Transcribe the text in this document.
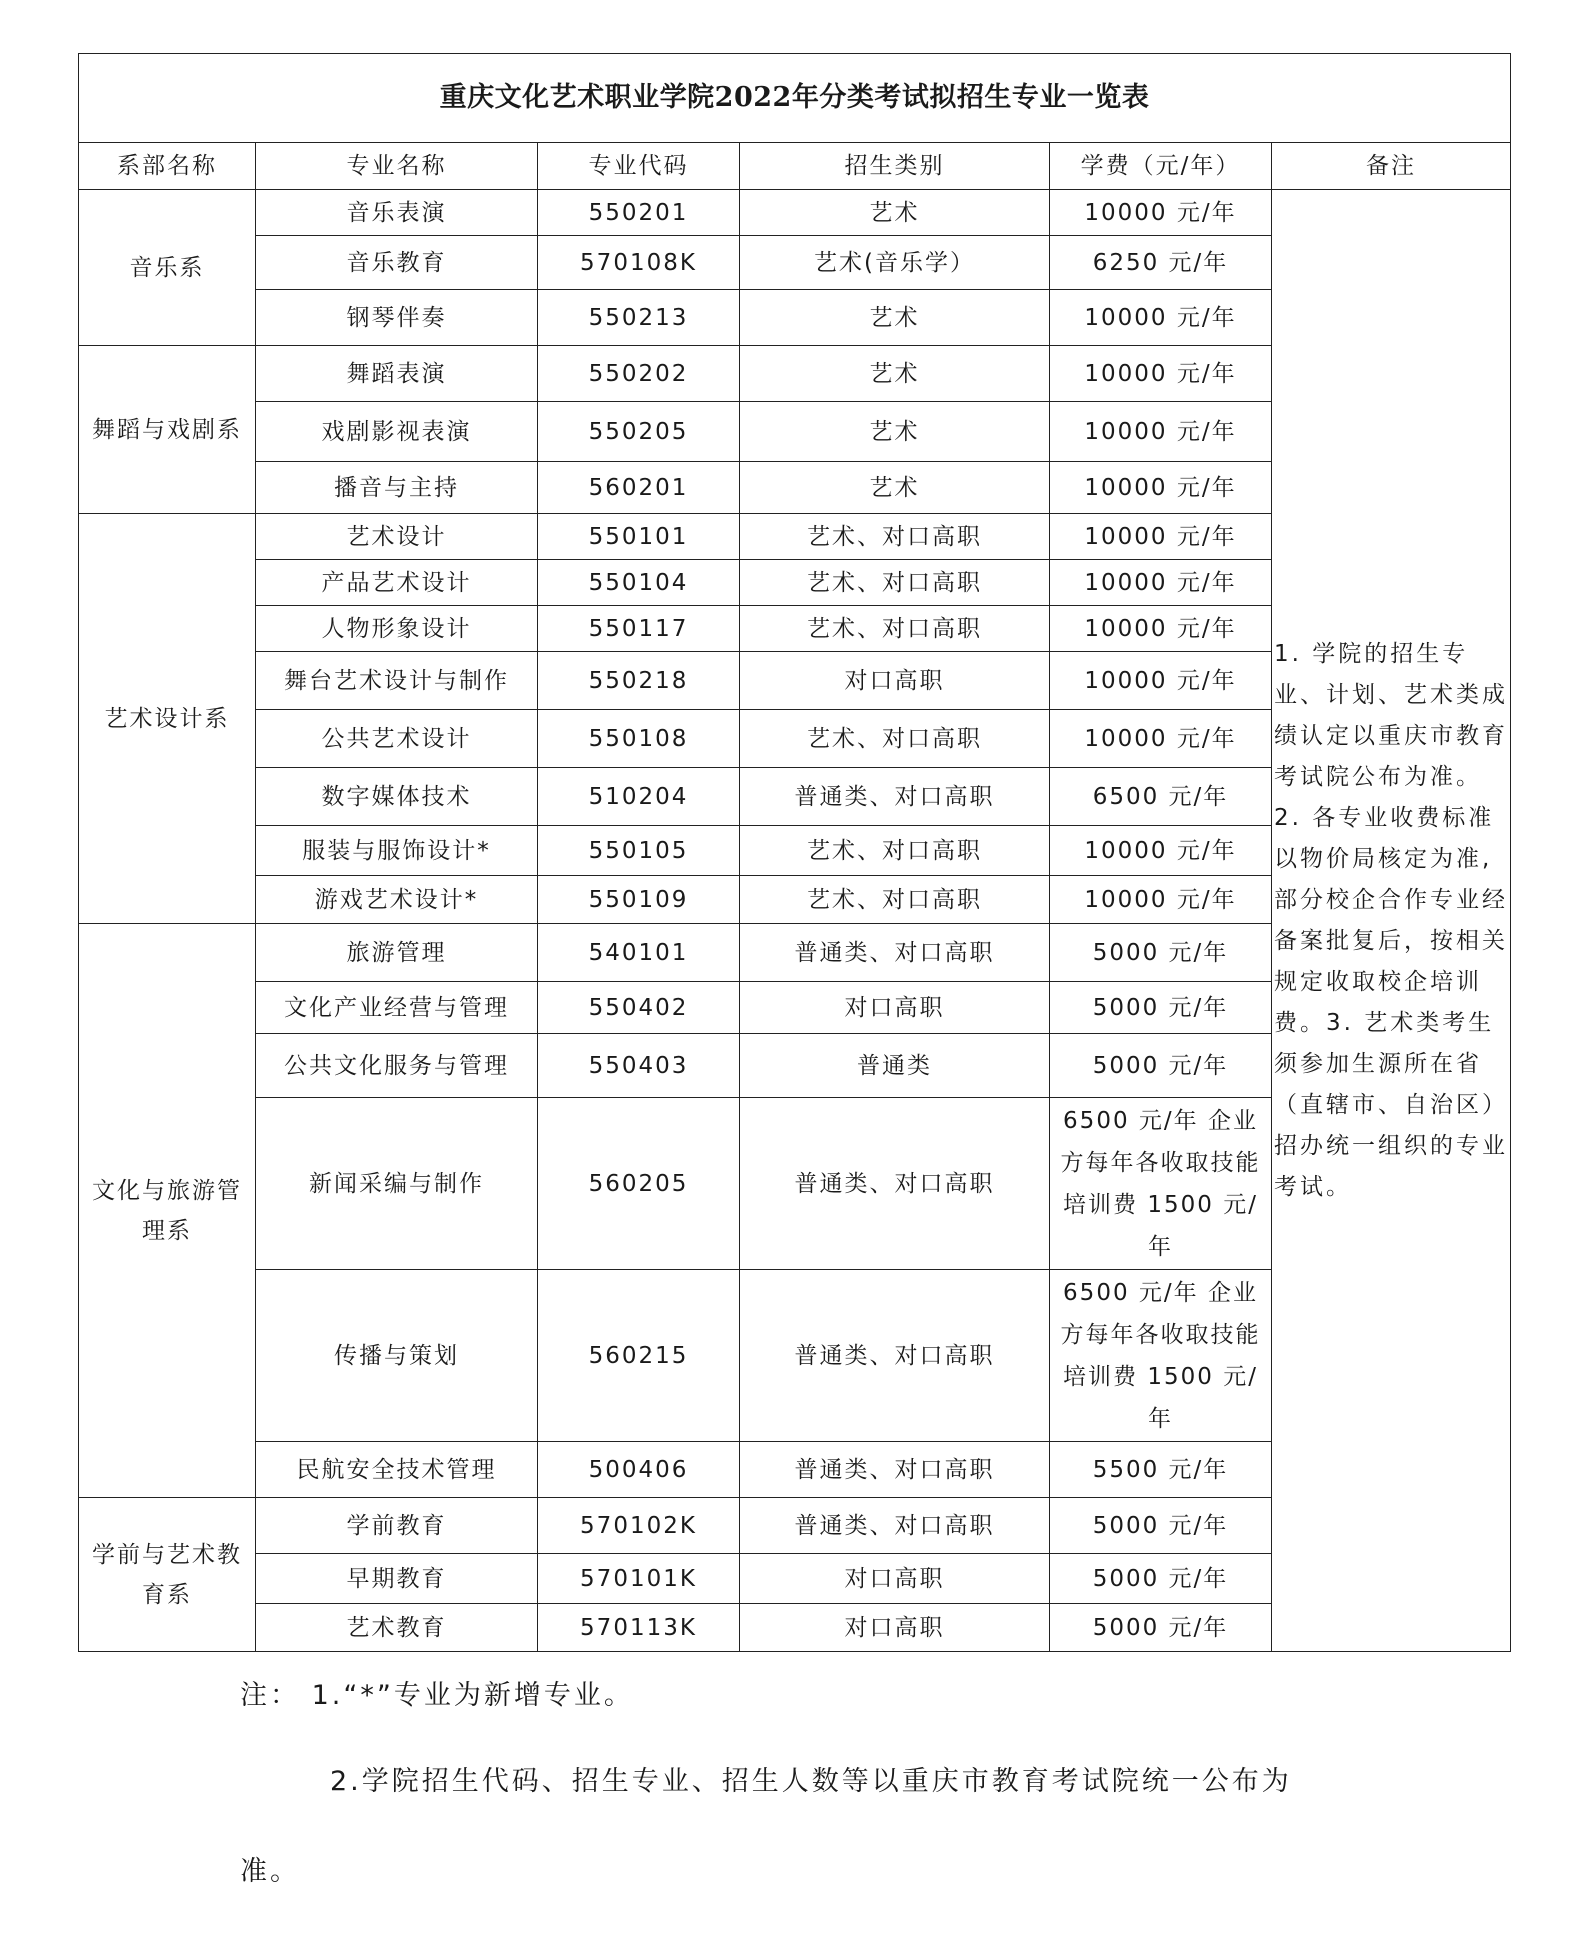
重庆文化艺术职业学院2022年分类考试拟招生专业一览表					
系部名称	专业名称	专业代码	招生类别	学费（元/年）	备注
音乐系	音乐表演	550201	艺术	10000 元/年	1. 学院的招生专业、计划、艺术类成绩认定以重庆市教育考试院公布为准。2. 各专业收费标准以物价局核定为准,部分校企合作专业经备案批复后，按相关规定收取校企培训费。3. 艺术类考生须参加生源所在省（直辖市、自治区）招办统一组织的专业考试。
	音乐教育	570108K	艺术(音乐学）	6250 元/年	
	钢琴伴奏	550213	艺术	10000 元/年	
舞蹈与戏剧系	舞蹈表演	550202	艺术	10000 元/年	
	戏剧影视表演	550205	艺术	10000 元/年	
	播音与主持	560201	艺术	10000 元/年	
艺术设计系	艺术设计	550101	艺术、对口高职	10000 元/年	
	产品艺术设计	550104	艺术、对口高职	10000 元/年	
	人物形象设计	550117	艺术、对口高职	10000 元/年	
	舞台艺术设计与制作	550218	对口高职	10000 元/年	
	公共艺术设计	550108	艺术、对口高职	10000 元/年	
	数字媒体技术	510204	普通类、对口高职	6500 元/年	
	服装与服饰设计*	550105	艺术、对口高职	10000 元/年	
	游戏艺术设计*	550109	艺术、对口高职	10000 元/年	
文化与旅游管理系	旅游管理	540101	普通类、对口高职	5000 元/年	
	文化产业经营与管理	550402	对口高职	5000 元/年	
	公共文化服务与管理	550403	普通类	5000 元/年	
	新闻采编与制作	560205	普通类、对口高职	6500 元/年 企业方每年各收取技能培训费 1500 元/年	
	传播与策划	560215	普通类、对口高职	6500 元/年 企业方每年各收取技能培训费 1500 元/年	
	民航安全技术管理	500406	普通类、对口高职	5500 元/年	
学前与艺术教育系	学前教育	570102K	普通类、对口高职	5000 元/年	
	早期教育	570101K	对口高职	5000 元/年	
	艺术教育	570113K	对口高职	5000 元/年	
注： 1.“*”专业为新增专业。
2.学院招生代码、招生专业、招生人数等以重庆市教育考试院统一公布为
准。
